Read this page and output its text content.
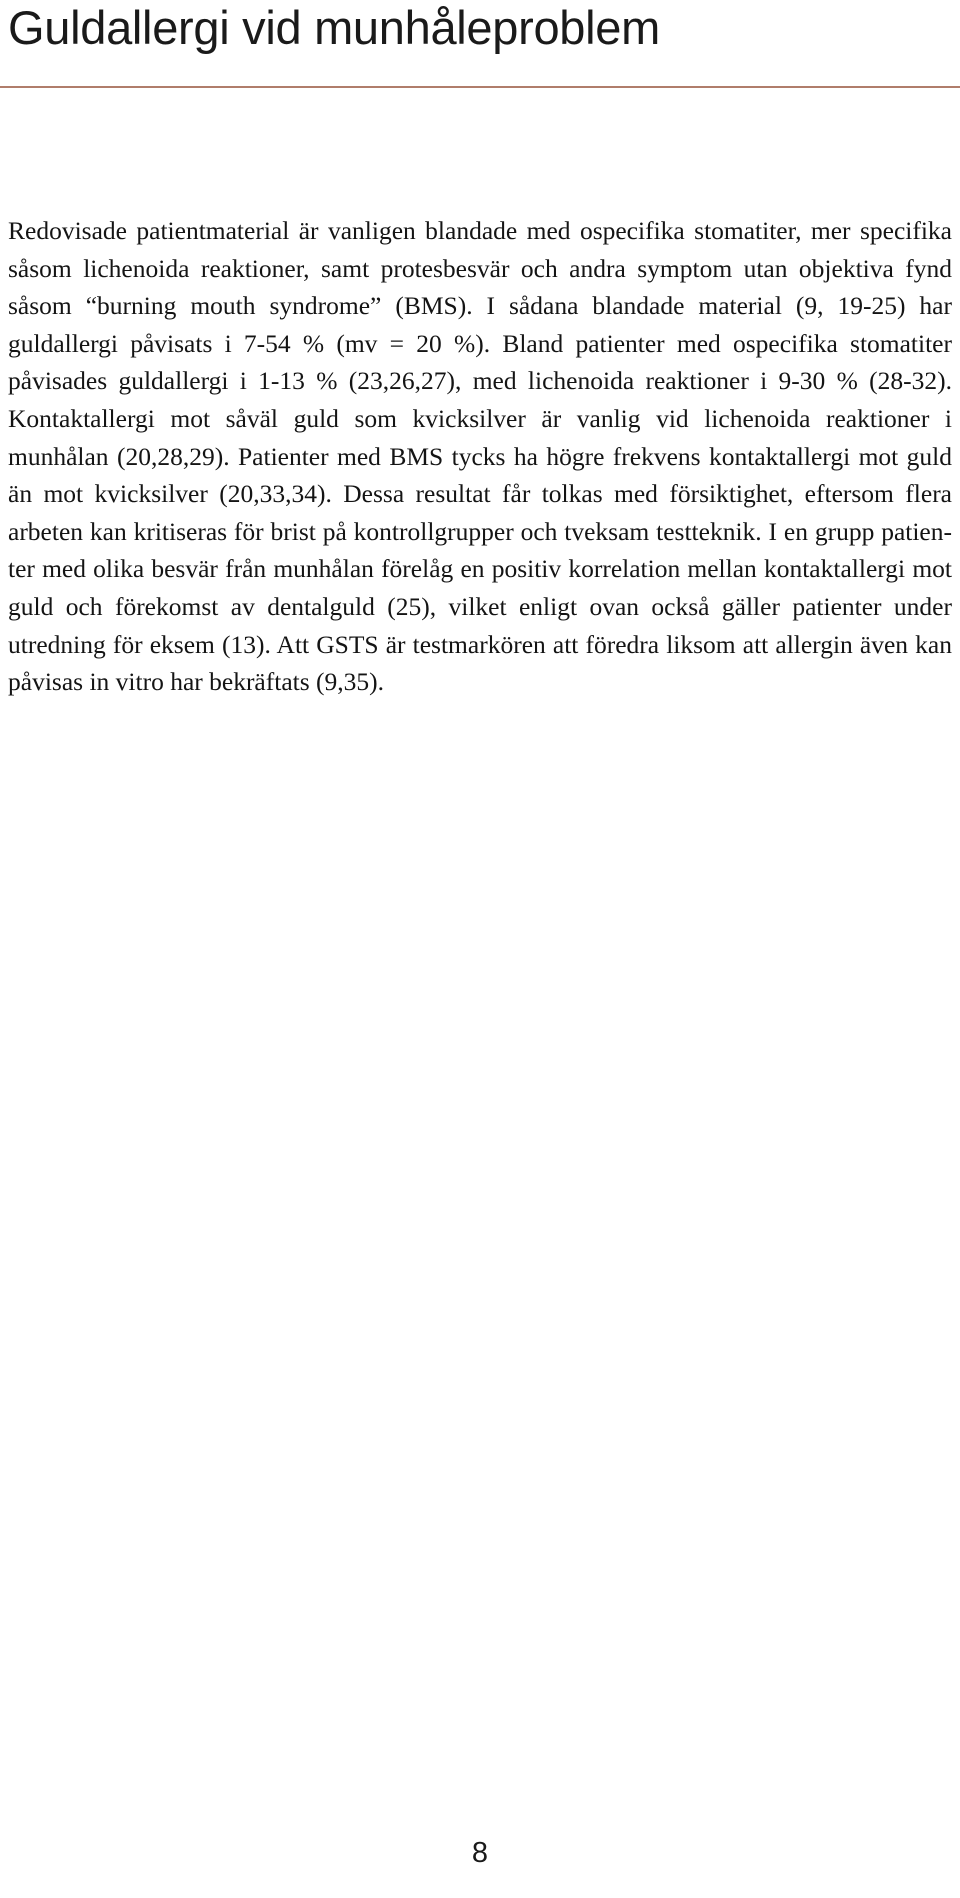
Guldallergi vid munhåleproblem

Redovisade patientmaterial är vanligen blandade med ospecifika stomatiter, mer specifika såsom lichenoida reaktioner, samt protesbesvär och andra symptom utan objektiva fynd såsom “burning mouth syndrome” (BMS). I sådana blandade material (9, 19-25) har guldallergi påvisats i 7-54 % (mv = 20 %). Bland patienter med ospecifika stomatiter påvisades guldallergi i 1-13 % (23,26,27), med lichenoida reaktioner i 9-30 % (28-32). Kontaktallergi mot såväl guld som kvicksilver är vanlig vid lichenoida reaktioner i munhålan (20,28,29). Patienter med BMS tycks ha högre frekvens kontaktallergi mot guld än mot kvicksilver (20,33,34). Dessa resultat får tolkas med försiktighet, eftersom flera arbeten kan kritiseras för brist på kontrollgrupper och tveksam testteknik. I en grupp patienter med olika besvär från munhålan förelåg en positiv korrelation mellan kontaktallergi mot guld och förekomst av dentalguld (25), vilket enligt ovan också gäller patienter under utredning för eksem (13). Att GSTS är testmarkören att föredra liksom att allergin även kan påvisas in vitro har bekräftats (9,35).

8
